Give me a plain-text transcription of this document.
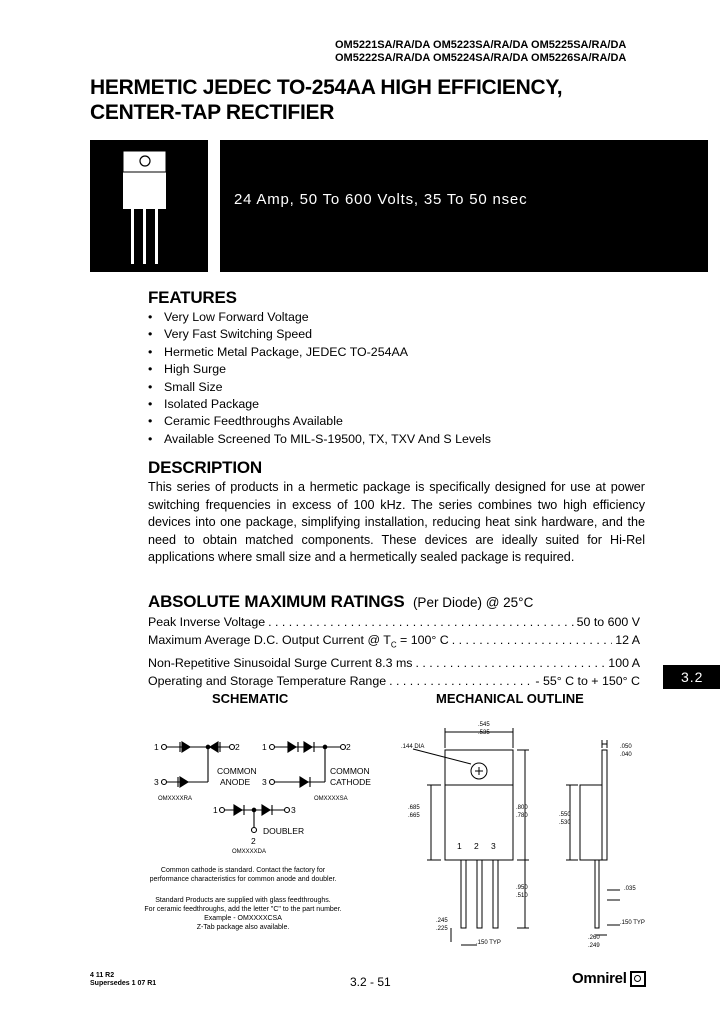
OM5221SA/RA/DA OM5223SA/RA/DA OM5225SA/RA/DA
OM5222SA/RA/DA OM5224SA/RA/DA OM5226SA/RA/DA
HERMETIC JEDEC TO-254AA HIGH EFFICIENCY,
CENTER-TAP RECTIFIER
24 Amp, 50 To 600 Volts, 35 To 50 nsec
FEATURES
• Very Low Forward Voltage
• Very Fast Switching Speed
• Hermetic Metal Package, JEDEC TO-254AA
• High Surge
• Small Size
• Isolated Package
• Ceramic Feedthroughs Available
• Available Screened To MIL-S-19500, TX, TXV And S Levels
DESCRIPTION
This series of products in a hermetic package is specifically designed for use at power switching frequencies in excess of 100 kHz. The series combines two high efficiency devices into one package, simplifying installation, reducing heat sink hardware, and the need to obtain matched components. These devices are ideally suited for Hi-Rel applications where small size and a hermetically sealed package is required.
ABSOLUTE MAXIMUM RATINGS (Per Diode) @ 25°C
Peak Inverse Voltage . . .	50 to 600 V
Maximum Average D.C. Output Current @ $T_C = 100^\circ$ C . . .	12 A
Non-Repetitive Sinusoidal Surge Current 8.3 ms . . .	100 A
Operating and Storage Temperature Range . . .	- 55° C to + 150° C	3.2
SCHEMATIC	MECHANICAL OUTLINE
1	2
3
1	2
3
COMMON
ANODE
OMXXXXRA
COMMON
CATHODE
OMXXXXSA
1	3
DOUBLER
2
OMXXXXDA
Common cathode is standard. Contact the factory for performance characteristics for common anode and doubler.
Standard Products are supplied with glass feedthroughs.
For ceramic feedthroughs, add the letter "C" to the part number.
Example - OMXXXXCSA
Z-Tab package also available.
.144 DIA
.545
.535
.685
.665
.800
.780
.950
.510
.245
.225
.150 TYP
.550
.530
.050
.040
.035
.150 TYP
.260
.249
1 2 3
4 11 R2
Supersedes 1 07 R1	3.2 - 51	Omnirel
